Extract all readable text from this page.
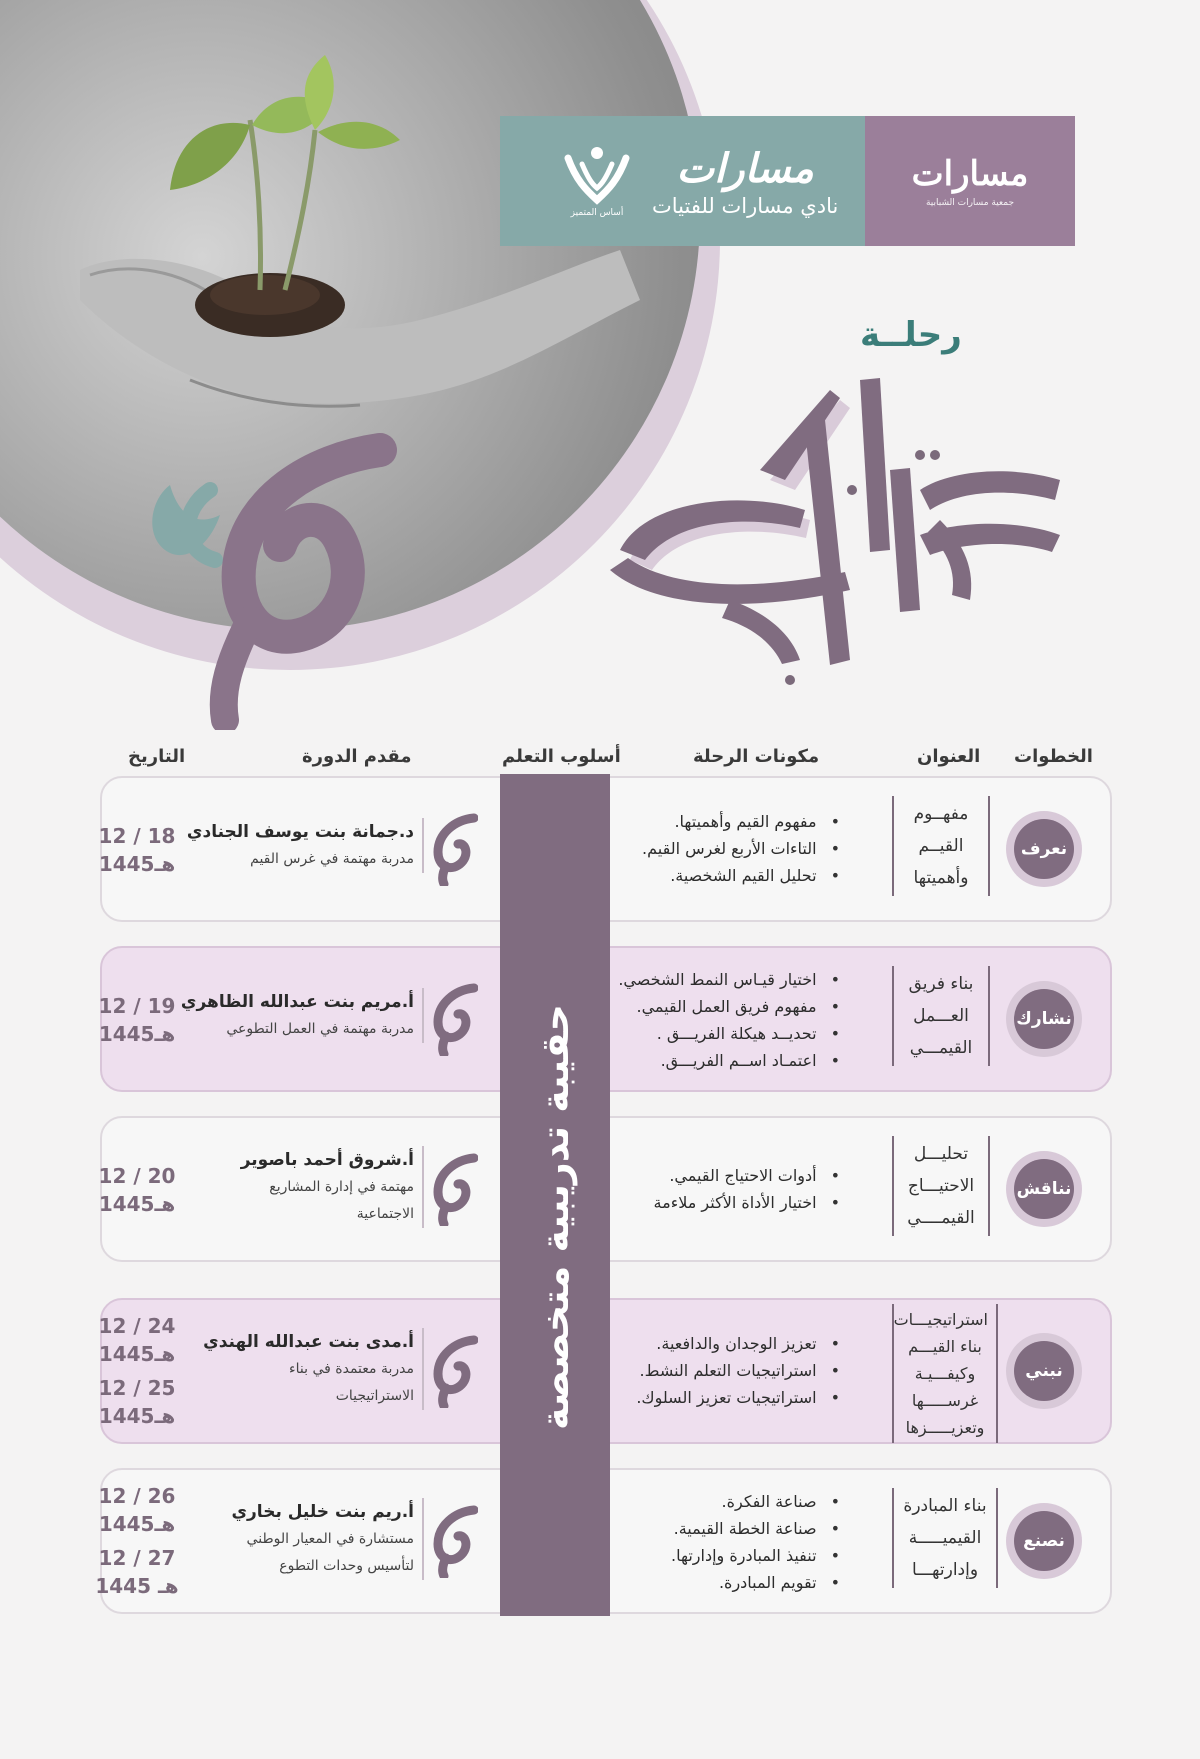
أساس المتميز
مسارات
نادي مسارات للفتيات
مسارات
جمعية مسارات الشبابية
رحلــة
الخطوات
العنوان
مكونات الرحلة
أسلوب التعلم
مقدم الدورة
التاريخ
نعرف
مفهــوم
القيــم
وأهميتها
• مفهوم القيم وأهميتها.
• التاءات الأربع لغرس القيم.
• تحليل القيم الشخصية.
د.جمانة بنت يوسف الجنادي
مدربة مهتمة في غرس القيم
12 / 18
1445هـ
نشارك
بناء فريق
العـــمل
القيمـــي
• اختيار قيـاس النمط الشخصي.
• مفهوم فريق العمل القيمي.
• تحديــد هيكلة الفريـــق .
• اعتمـاد اســم الفريـــق.
أ.مريم بنت عبدالله الظاهري
مدربة مهتمة في العمل التطوعي
12 / 19
1445هـ
نناقش
تحليـــل
الاحتيـــاج
القيمــــي
• أدوات الاحتياج القيمي.
• اختيار الأداة الأكثر ملاءمة
أ.شروق أحمد باصوير
مهتمة في إدارة المشاريع
الاجتماعية
12 / 20
1445هـ
نبني
استراتيجيـــات
بناء القيـــم
وكيفـــيـة
غرســـــها
وتعزيـــــزها
• تعزيز الوجدان والدافعية.
• استراتيجيات التعلم النشط.
• استراتيجيات تعزيز السلوك.
أ.مدى بنت عبدالله الهندي
مدربة معتمدة في بناء
الاستراتيجيات
12 / 24
1445هـ
12 / 25
1445هـ
نصنع
بناء المبادرة
القيميـــــة
وإدارتهـــا
• صناعة الفكرة.
• صناعة الخطة القيمية.
• تنفيذ المبادرة وإدارتها.
• تقويم المبادرة.
أ.ريم بنت خليل بخاري
مستشارة في المعيار الوطني
لتأسيس وحدات التطوع
12 / 26
1445هـ
12 / 27
1445 هـ
حقيبة تدريبية متخصصة
